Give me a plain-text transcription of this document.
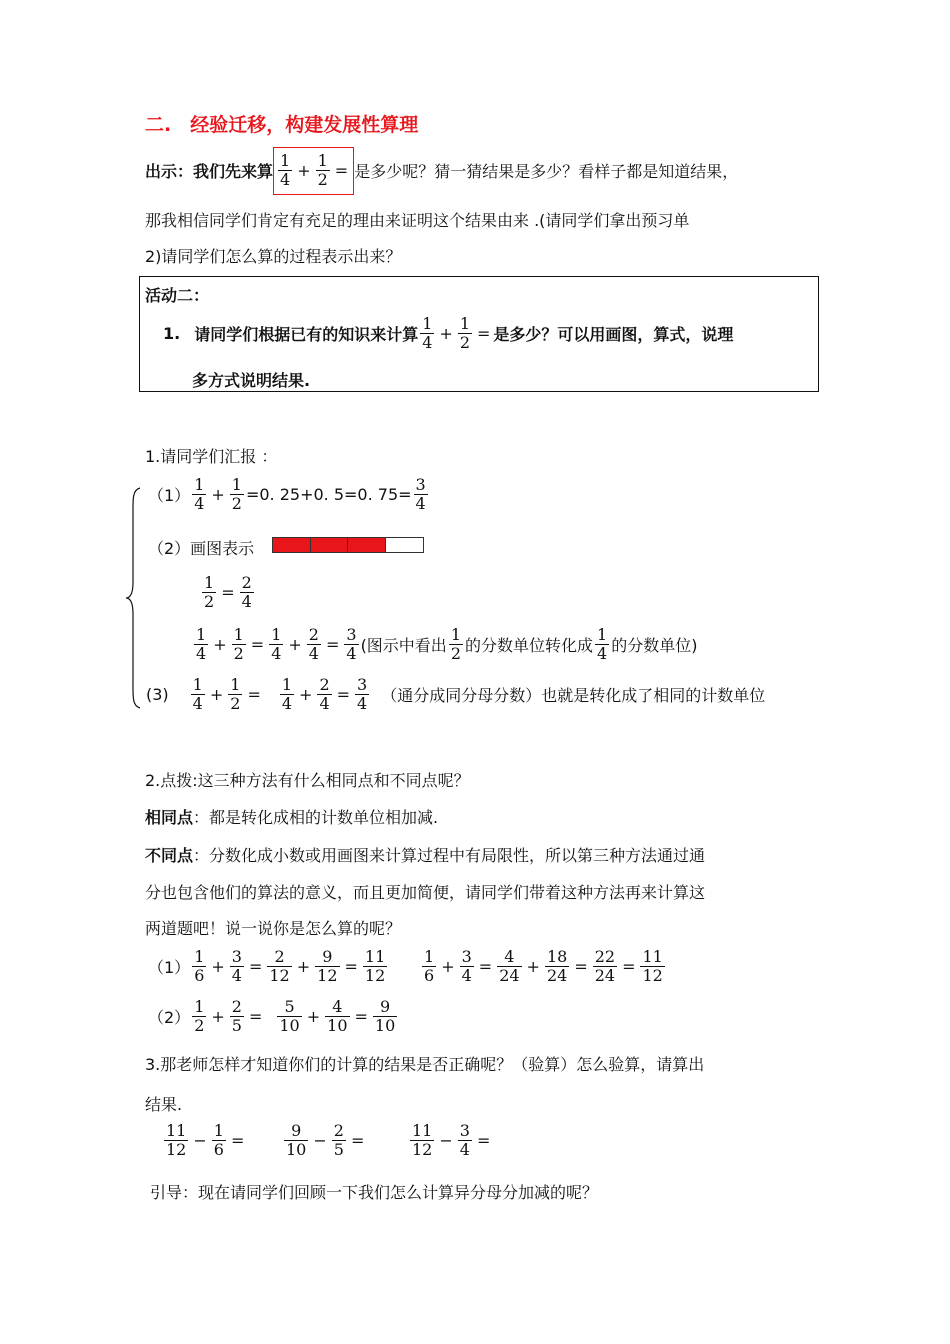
二.　经验迁移，构建发展性算理
出示：我们先来算 $\frac{1}{4} + \frac{1}{2}$ = 是多少呢？猜一猜结果是多少？看样子都是知道结果，
那我相信同学们肯定有充足的理由来证明这个结果由来 .(请同学们拿出预习单
2)请同学们怎么算的过程表示出来？
活动二：
1. 请同学们根据已有的知识来计算 $\frac{1}{4} + \frac{1}{2}$ = 是多少？可以用画图，算式，说理
多方式说明结果.
1.请同学们汇报 ：
$(1) \frac{1}{4} + \frac{1}{2} =0$. 25+0. 5=0. $75= \frac{3}{4}$
（2）画图表示
$\frac{1}{2} = \frac{2}{4}$
$\frac{1}{4} + \frac{1}{2} = \frac{1}{4} + \frac{2}{4} = \frac{3}{4}$ (图示中看出 $\frac{1}{2}$ 的分数单位转化成 $\frac{1}{4}$ 的分数单位)
$(3) \frac{1}{4} + \frac{1}{2} = \frac{1}{4} + \frac{2}{4} = \frac{3}{4}$ （通分成同分母分数）也就是转化成了相同的计数单位
2.点拨:这三种方法有什么相同点和不同点呢？
相同点：都是转化成相的计数单位相加减.
不同点：分数化成小数或用画图来计算过程中有局限性，所以第三种方法通过通
分也包含他们的算法的意义，而且更加简便，请同学们带着这种方法再来计算这
两道题吧！说一说你是怎么算的呢？
$(1) \frac{1}{6} + \frac{3}{4} = \frac{2}{12} + \frac{9}{12} = \frac{11}{12} \frac{1}{6} + \frac{3}{4} = \frac{4}{24} + \frac{18}{24} = \frac{22}{24} = \frac{11}{12}$
$(2) \frac{1}{2} + \frac{2}{5} = \frac{5}{10} + \frac{4}{10} = \frac{9}{10}$
3.那老师怎样才知道你们的计算的结果是否正确呢？（验算）怎么验算，请算出
结果.
$\frac{11}{12} - \frac{1}{6} = \frac{9}{10} - \frac{2}{5}$ =	$\frac{11}{12} - \frac{3}{4}$ =
引导：现在请同学们回顾一下我们怎么计算异分母分加减的呢？
